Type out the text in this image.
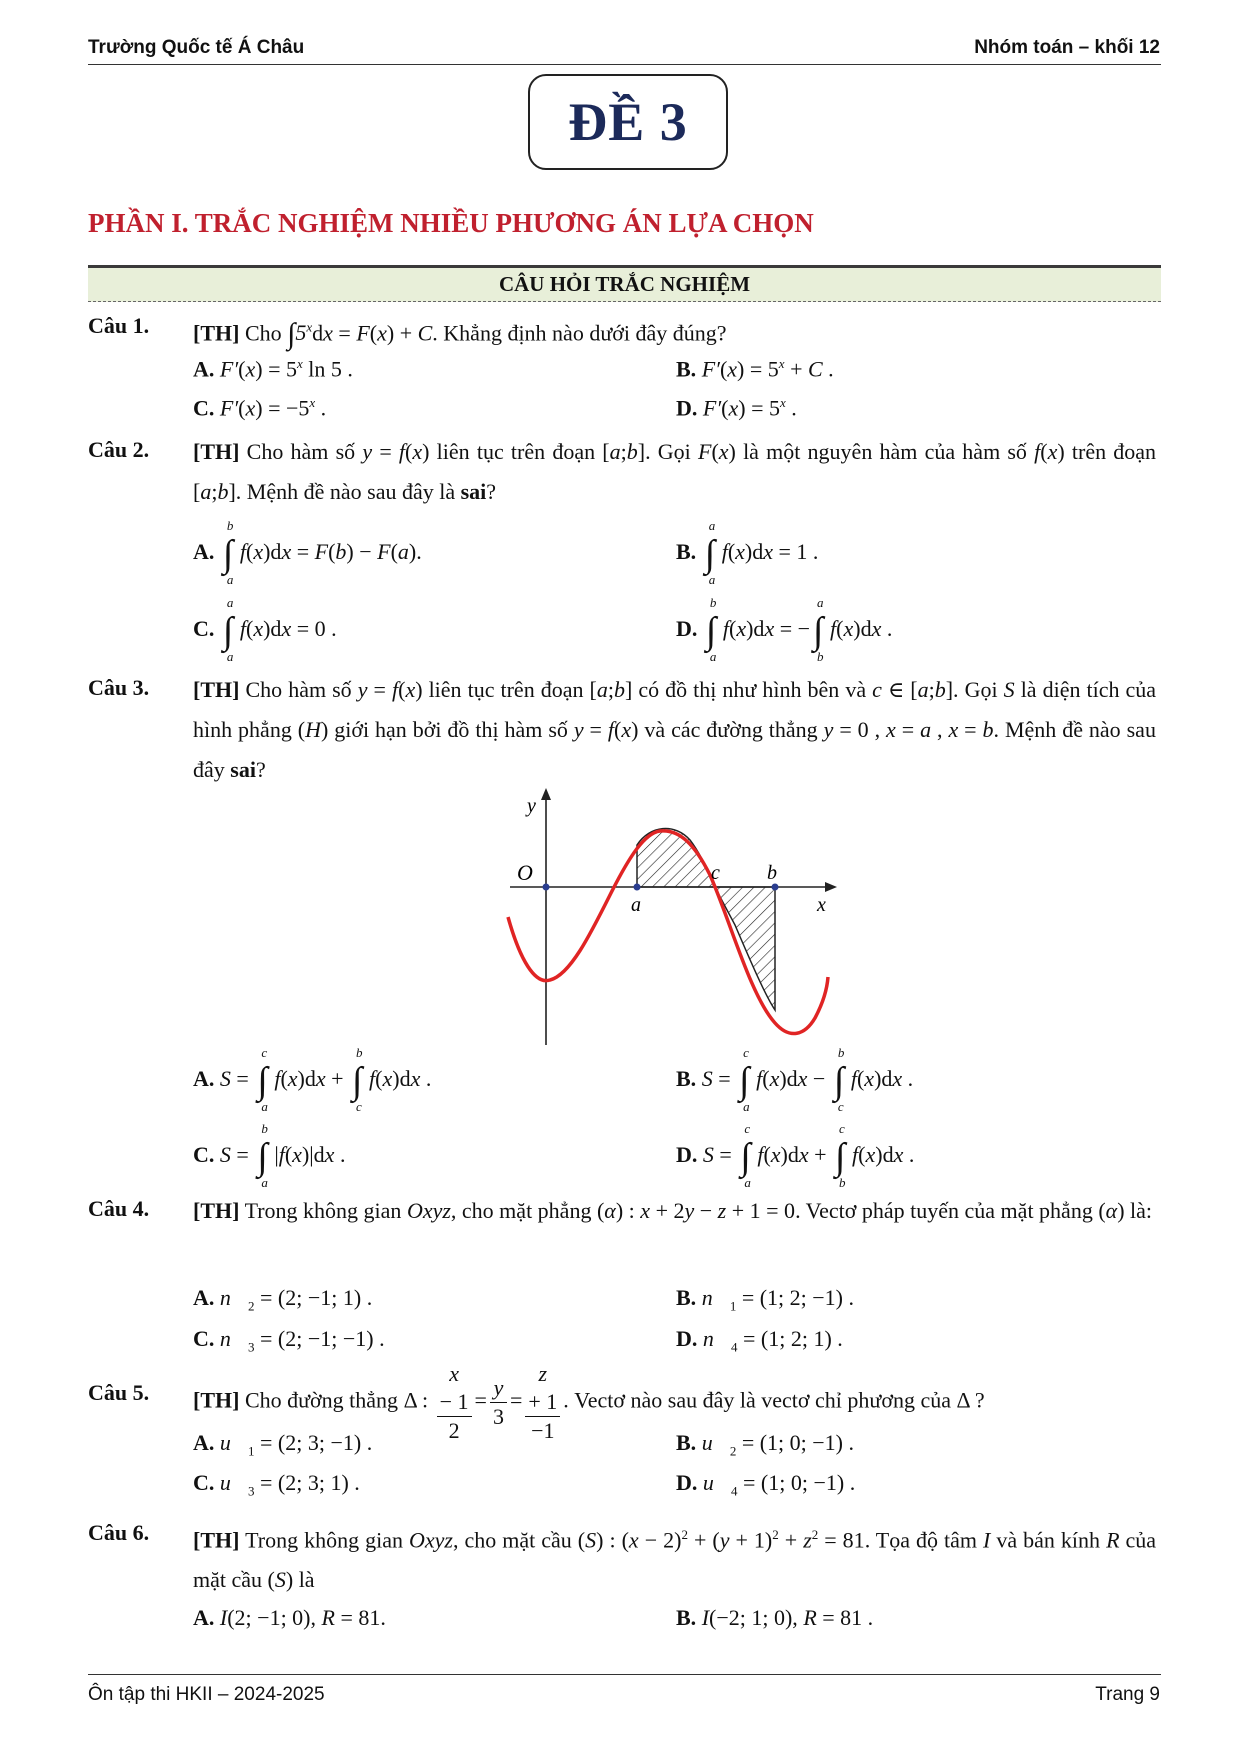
Trường Quốc tế Á Châu	Nhóm toán – khối 12
ĐỀ 3
PHẦN I. TRẮC NGHIỆM NHIỀU PHƯƠNG ÁN LỰA CHỌN
CÂU HỎI TRẮC NGHIỆM
Câu 1. [TH] Cho $\int 5^xdx = F(x) + C$. Khẳng định nào dưới đây đúng?
A. $F'(x) = 5^x$ ln 5 .	B. $F'(x) = 5^x + C$ .
C. $F'(x) = -5^x$ .	D. $F'(x) = 5^x$ .
Câu 2. [TH] Cho hàm số y = f(x) liên tục trên đoạn [a;b]. Gọi F(x) là một nguyên hàm của hàm số f(x) trên đoạn [a;b]. Mệnh đề nào sau đây là sai?
A.
b
∫
a
f(x)dx = F(b) − F(a).	B.
a
∫
a
f(x)dx = 1 .
C.
a
∫
a
f(x)dx = 0 .	D.
b
∫
a
f(x)dx = −
a
∫
b
f(x)dx .
Câu 3. [TH] Cho hàm số y = f(x) liên tục trên đoạn [a;b] có đồ thị như hình bên và c ∈ [a;b]. Gọi S là diện tích của hình phẳng (H) giới hạn bởi đồ thị hàm số y = f(x) và các đường thẳng y = 0 , x = a , x = b. Mệnh đề nào sau đây sai?
y
O
a
c b
x
A. S =
c
∫
a
f(x)dx +
b
∫
c
f(x)dx .	B. S =
c
∫
a
f(x)dx −
b
∫
c
f(x)dx .
C. S =
b
∫
a
|f(x)|dx .	D. S =
c
∫
a
f(x)dx +
c
∫
b
f(x)dx .
Câu 4. [TH] Trong không gian Oxyz, cho mặt phẳng (α) : x + 2y − z + 1 = 0. Vectơ pháp tuyến của mặt phẳng (α) là:
A. $n⃗_2 = (2$; −1; 1) .	B. $n⃗_1 = (1$; 2; −1) .
C. $n⃗_3 = (2$; −1; −1) .	D. $n⃗_4 = (1$; 2; 1) .
Câu 5. [TH] Cho đường thẳng Δ : x
− 1
$2 = \frac{y}{3} = z$
+ 1
−1 . Vectơ nào sau đây là vectơ chỉ phương của Δ ?
A. $u⃗_1 = (2$; 3; −1) .	B. $u⃗_2 = (1$; 0; −1) .
C. $u⃗_3 = (2$; 3; 1) .	D. $u⃗_4 = (1$; 0; −1) .
Câu 6. [TH] Trong không gian Oxyz, cho mặt cầu (S) : $(x - 2)^2 + (y + 1)^2 + z^2 = 81$. Tọa độ tâm I và bán kính R của mặt cầu (S) là
A. I(2; −1; 0), R = 81.	B. I(−2; 1; 0), R = 81 .
Ôn tập thi HKII – 2024-2025	Trang 9
